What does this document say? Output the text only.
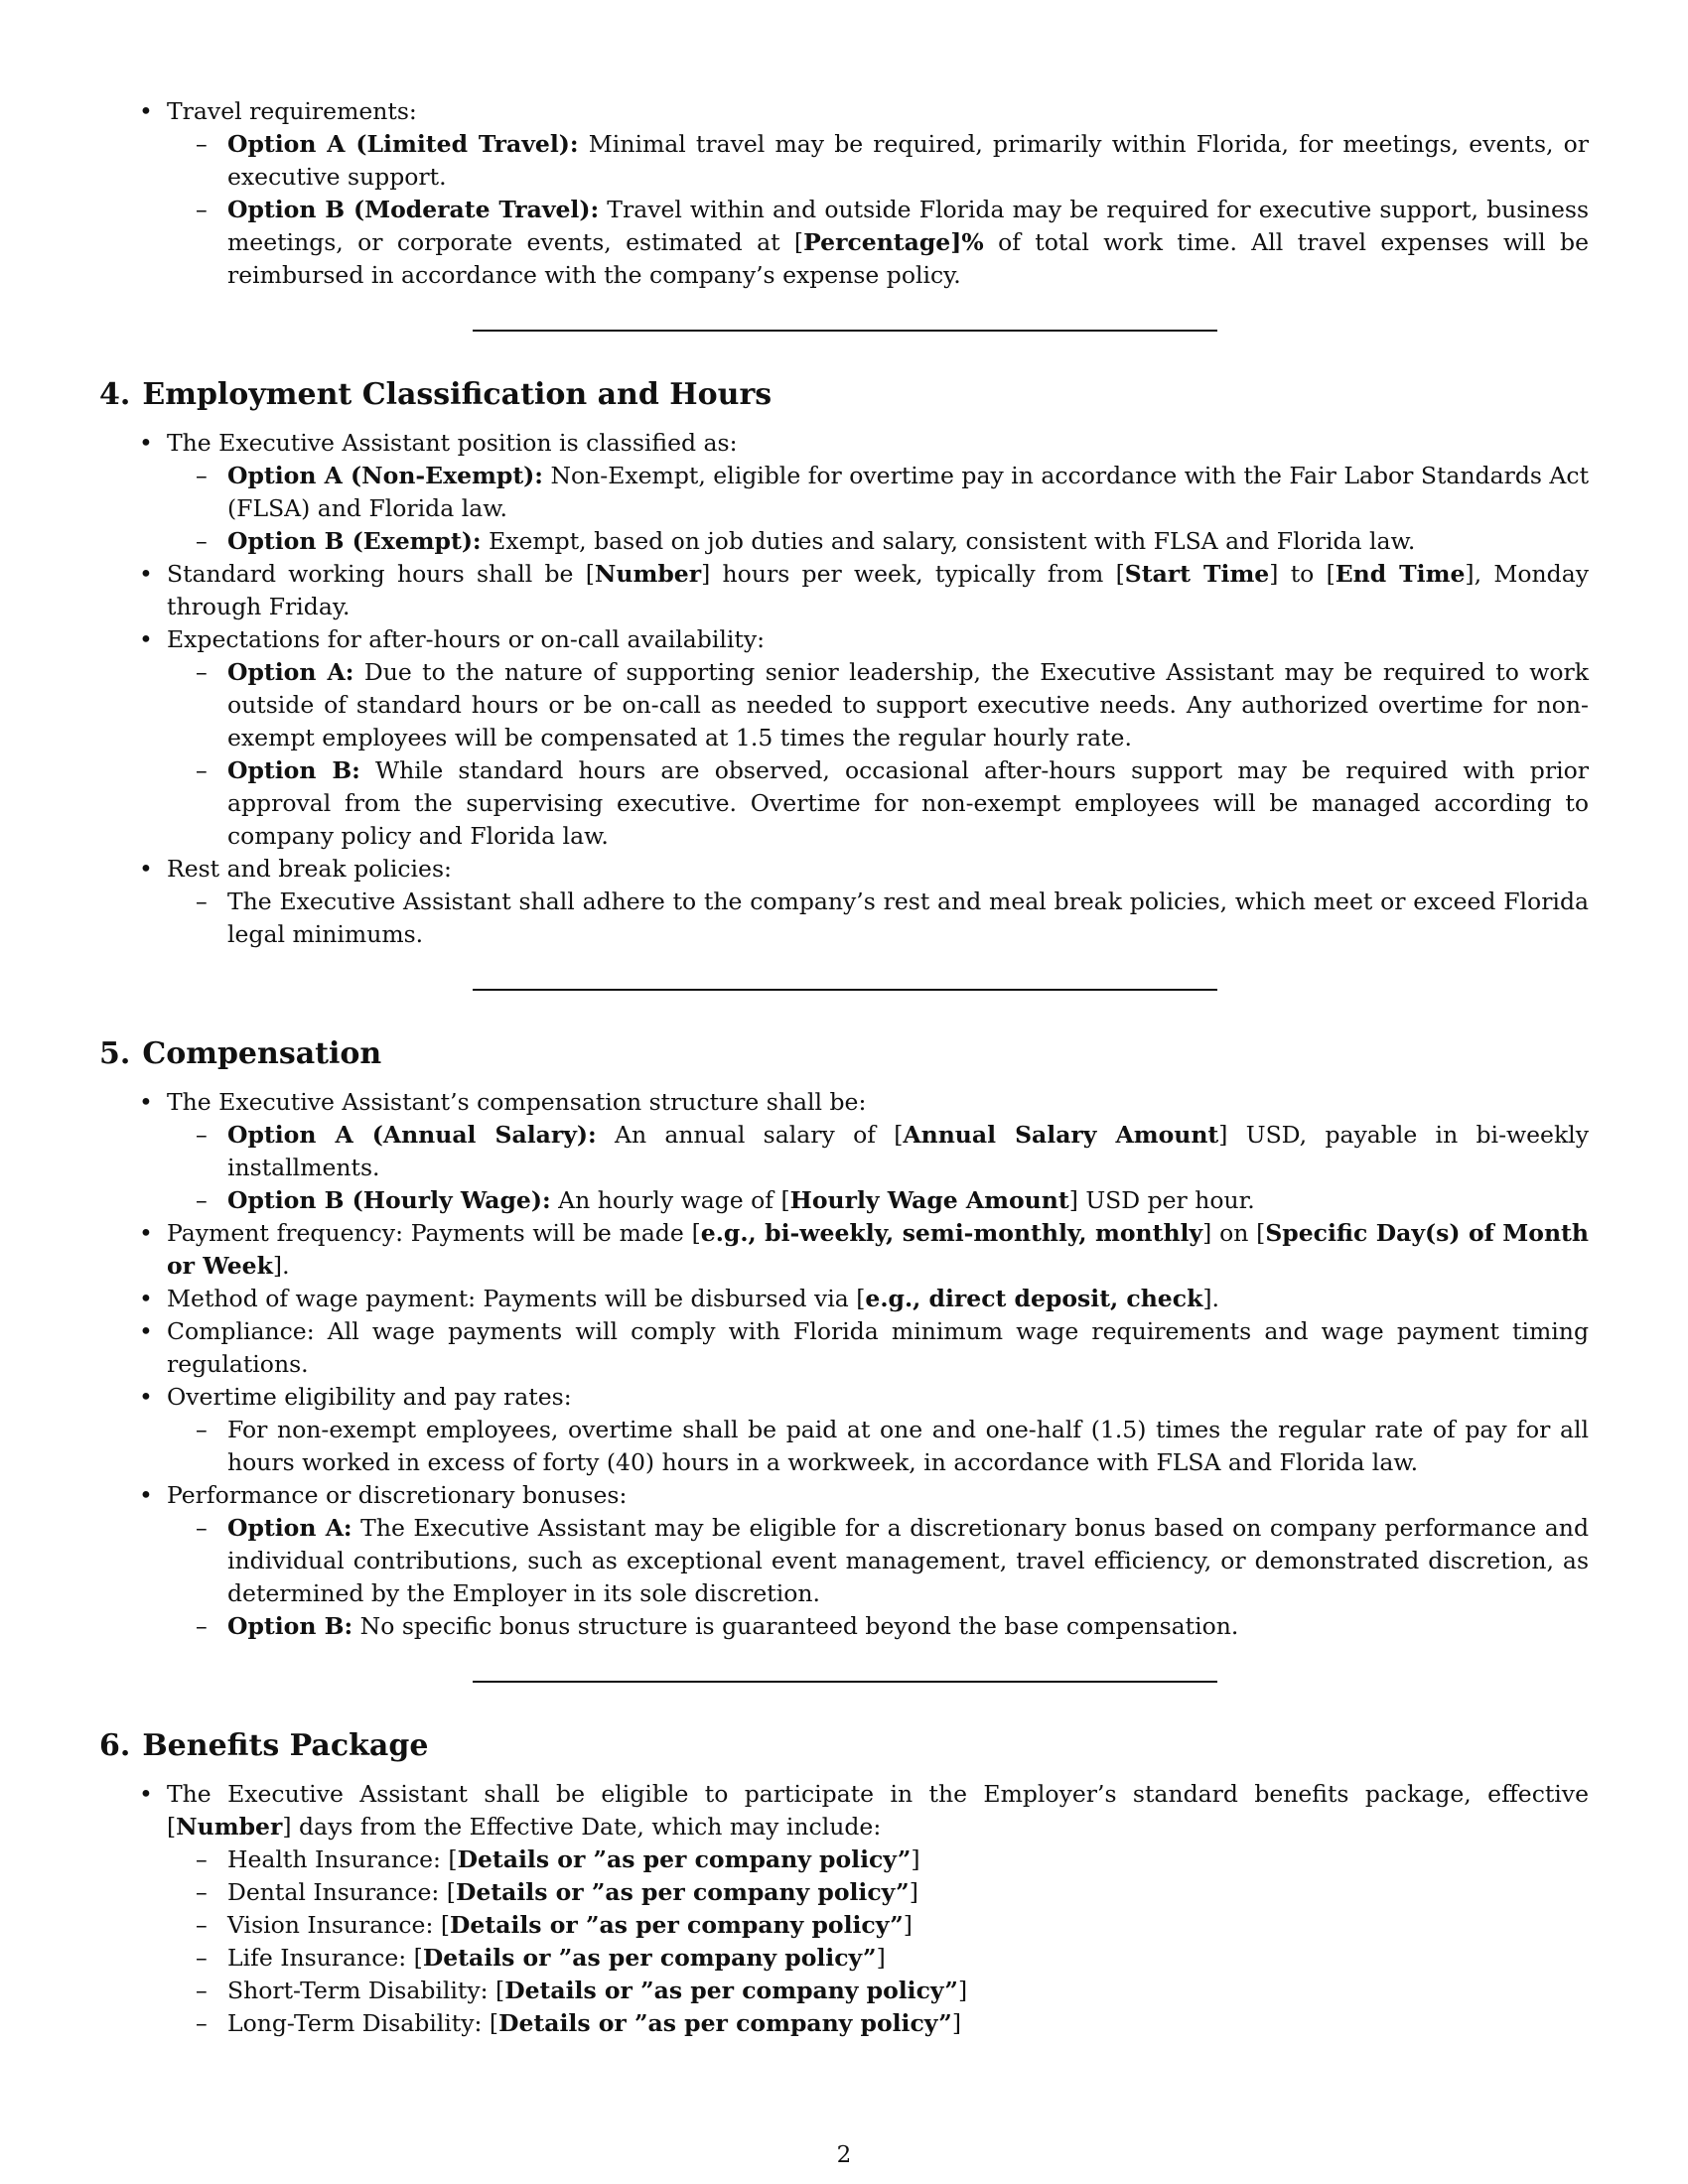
• Travel requirements:
– Option A (Limited Travel): Minimal travel may be required, primarily within Florida, for meetings, events, or executive support.
– Option B (Moderate Travel): Travel within and outside Florida may be required for executive support, business meetings, or corporate events, estimated at [Percentage]% of total work time. All travel expenses will be reimbursed in accordance with the company’s expense policy.
4. Employment Classification and Hours
• The Executive Assistant position is classified as:
– Option A (Non-Exempt): Non-Exempt, eligible for overtime pay in accordance with the Fair Labor Standards Act (FLSA) and Florida law.
– Option B (Exempt): Exempt, based on job duties and salary, consistent with FLSA and Florida law.
• Standard working hours shall be [Number] hours per week, typically from [Start Time] to [End Time], Monday through Friday.
• Expectations for after-hours or on-call availability:
– Option A: Due to the nature of supporting senior leadership, the Executive Assistant may be required to work outside of standard hours or be on-call as needed to support executive needs. Any authorized overtime for non-exempt employees will be compensated at 1.5 times the regular hourly rate.
– Option B: While standard hours are observed, occasional after-hours support may be required with prior approval from the supervising executive. Overtime for non-exempt employees will be managed according to company policy and Florida law.
• Rest and break policies:
– The Executive Assistant shall adhere to the company’s rest and meal break policies, which meet or exceed Florida legal minimums.
5. Compensation
• The Executive Assistant’s compensation structure shall be:
– Option A (Annual Salary): An annual salary of [Annual Salary Amount] USD, payable in bi-weekly installments.
– Option B (Hourly Wage): An hourly wage of [Hourly Wage Amount] USD per hour.
• Payment frequency: Payments will be made [e.g., bi-weekly, semi-monthly, monthly] on [Specific Day(s) of Month or Week].
• Method of wage payment: Payments will be disbursed via [e.g., direct deposit, check].
• Compliance: All wage payments will comply with Florida minimum wage requirements and wage payment timing regulations.
• Overtime eligibility and pay rates:
– For non-exempt employees, overtime shall be paid at one and one-half (1.5) times the regular rate of pay for all hours worked in excess of forty (40) hours in a workweek, in accordance with FLSA and Florida law.
• Performance or discretionary bonuses:
– Option A: The Executive Assistant may be eligible for a discretionary bonus based on company performance and individual contributions, such as exceptional event management, travel efficiency, or demonstrated discretion, as determined by the Employer in its sole discretion.
– Option B: No specific bonus structure is guaranteed beyond the base compensation.
6. Benefits Package
• The Executive Assistant shall be eligible to participate in the Employer’s standard benefits package, effective [Number] days from the Effective Date, which may include:
– Health Insurance: [Details or ”as per company policy”]
– Dental Insurance: [Details or ”as per company policy”]
– Vision Insurance: [Details or ”as per company policy”]
– Life Insurance: [Details or ”as per company policy”]
– Short-Term Disability: [Details or ”as per company policy”]
– Long-Term Disability: [Details or ”as per company policy”]
2
